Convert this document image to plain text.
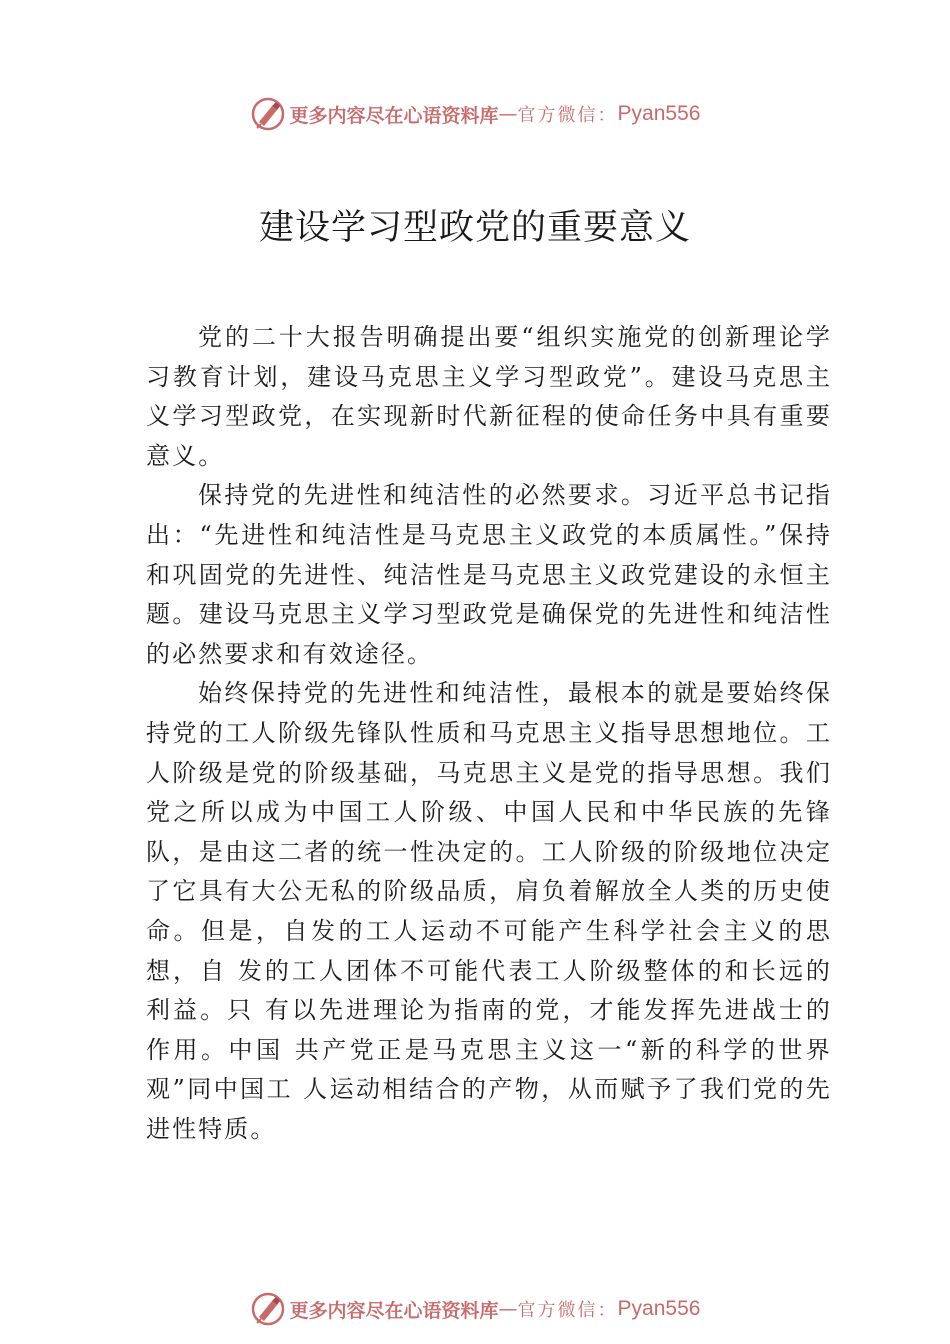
更多内容尽在心语资料库 — 官方微信： Pyan556
建设学习型政党的重要意义

党的二十大报告明确提出要“组织实施党的创新理论学习教育计划，建设马克思主义学习型政党”。建设马克思主义学习型政党，在实现新时代新征程的使命任务中具有重要意义。

保持党的先进性和纯洁性的必然要求。习近平总书记指出：“先进性和纯洁性是马克思主义政党的本质属性。”保持和巩固党的先进性、纯洁性是马克思主义政党建设的永恒主题。建设马克思主义学习型政党是确保党的先进性和纯洁性的必然要求和有效途径。

始终保持党的先进性和纯洁性，最根本的就是要始终保持党的工人阶级先锋队性质和马克思主义指导思想地位。工人阶级是党的阶级基础，马克思主义是党的指导思想。我们党之所以成为中国工人阶级、中国人民和中华民族的先锋队，是由这二者的统一性决定的。工人阶级的阶级地位决定了它具有大公无私的阶级品质，肩负着解放全人类的历史使命。但是，自发的工人运动不可能产生科学社会主义的思想，自 发的工人团体不可能代表工人阶级整体的和长远的利益。只 有以先进理论为指南的党，才能发挥先进战士的作用。中国 共产党正是马克思主义这一“新的科学的世界观”同中国工 人运动相结合的产物，从而赋予了我们党的先进性特质。

更多内容尽在心语资料库 — 官方微信： Pyan556
